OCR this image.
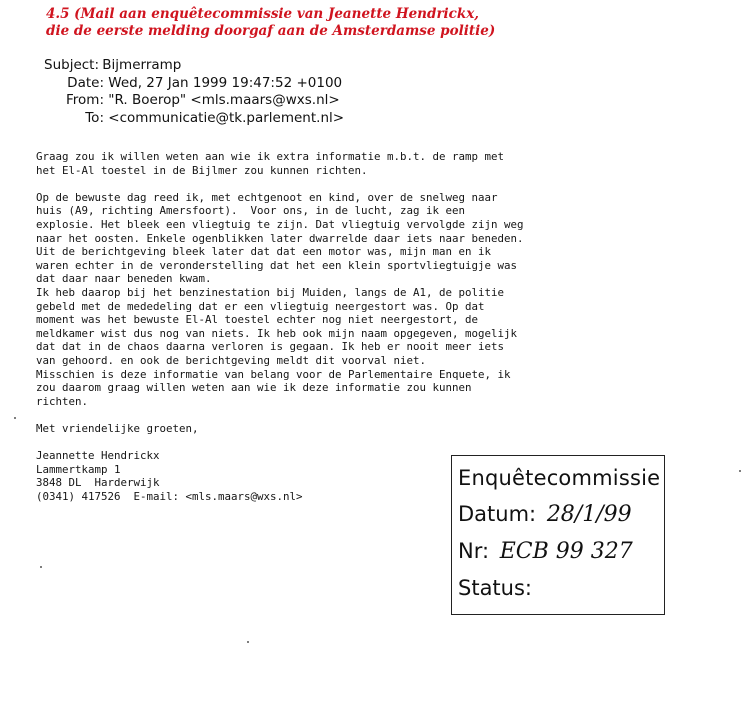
4.5 (Mail aan enquêtecommissie van Jeanette Hendrickx,
die de eerste melding doorgaf aan de Amsterdamse politie)
Subject: Bijmerramp
Date: Wed, 27 Jan 1999 19:47:52 +0100
From: "R. Boerop" <mls.maars@wxs.nl>
To: <communicatie@tk.parlement.nl>
Graag zou ik willen weten aan wie ik extra informatie m.b.t. de ramp met
het El-Al toestel in de Bijlmer zou kunnen richten.
Op de bewuste dag reed ik, met echtgenoot en kind, over de snelweg naar
huis (A9, richting Amersfoort).  Voor ons, in de lucht, zag ik een
explosie. Het bleek een vliegtuig te zijn. Dat vliegtuig vervolgde zijn weg
naar het oosten. Enkele ogenblikken later dwarrelde daar iets naar beneden.
Uit de berichtgeving bleek later dat dat een motor was, mijn man en ik
waren echter in de veronderstelling dat het een klein sportvliegtuigje was
dat daar naar beneden kwam.
Ik heb daarop bij het benzinestation bij Muiden, langs de A1, de politie
gebeld met de mededeling dat er een vliegtuig neergestort was. Op dat
moment was het bewuste El-Al toestel echter nog niet neergestort, de
meldkamer wist dus nog van niets. Ik heb ook mijn naam opgegeven, mogelijk
dat dat in de chaos daarna verloren is gegaan. Ik heb er nooit meer iets
van gehoord. en ook de berichtgeving meldt dit voorval niet.
Misschien is deze informatie van belang voor de Parlementaire Enquete, ik
zou daarom graag willen weten aan wie ik deze informatie zou kunnen
richten.
Met vriendelijke groeten,
Jeannette Hendrickx
Lammertkamp 1
3848 DL  Harderwijk
(0341) 417526  E-mail: <mls.maars@wxs.nl>
Enquêtecommissie
Datum: 28/1/99
Nr: ECB 99 327
Status:
